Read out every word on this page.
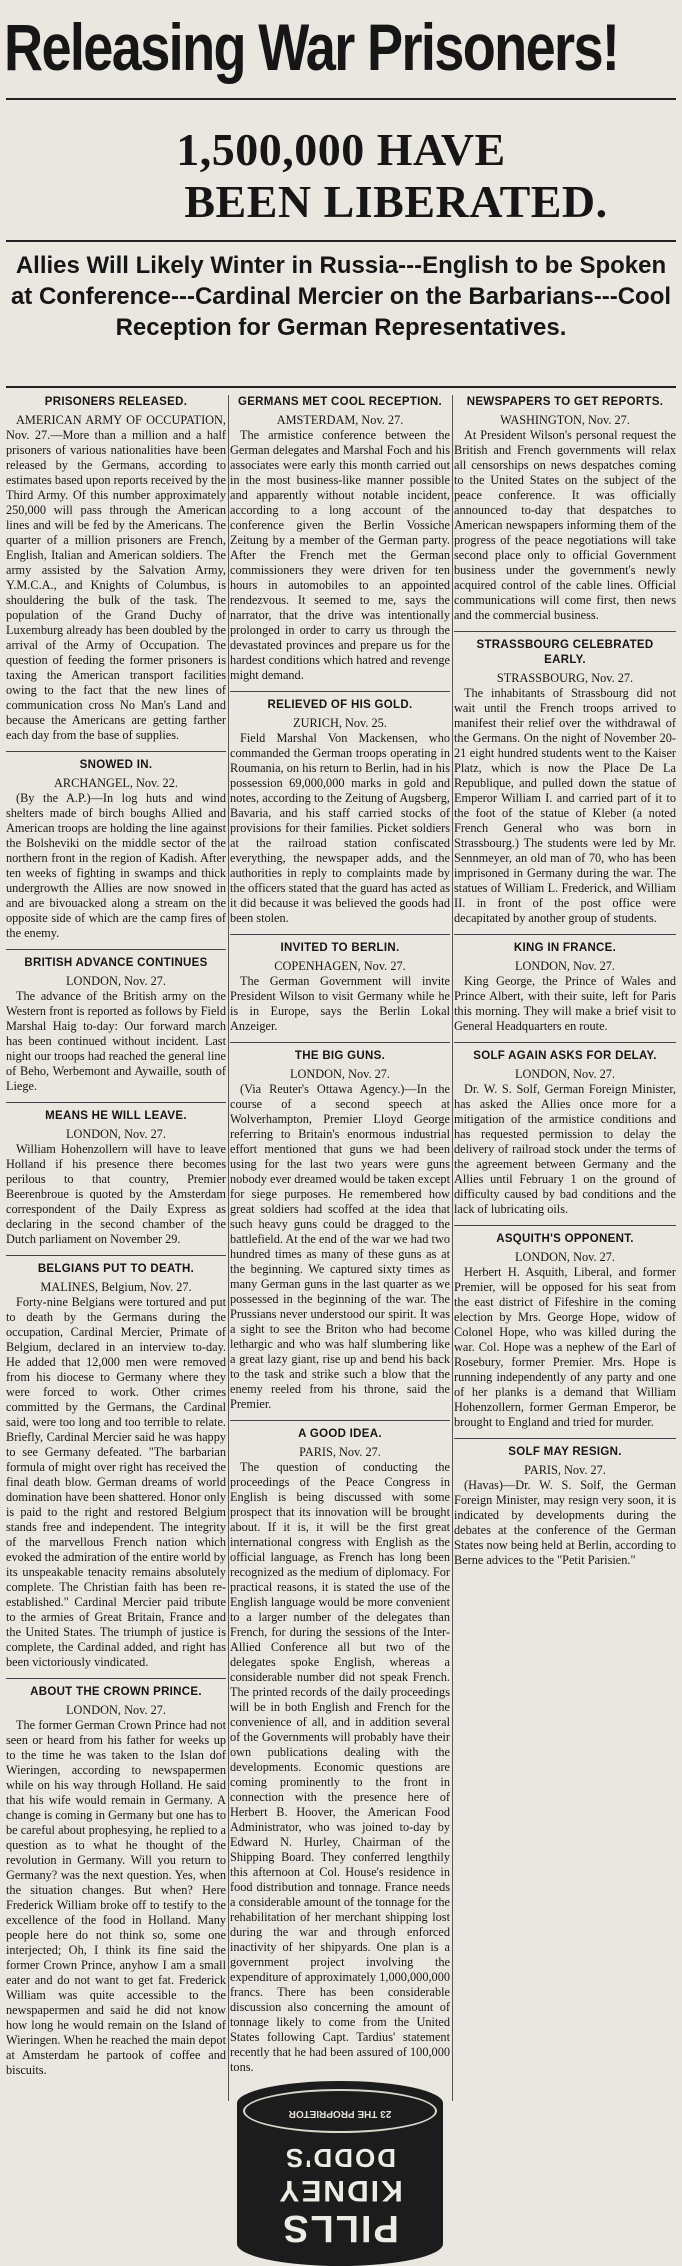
Releasing War Prisoners!
1,500,000 HAVE
BEEN LIBERATED.
Allies Will Likely Winter in Russia---English to be Spoken at Conference---Cardinal Mercier on the Barbarians---Cool Reception for German Representatives.
PRISONERS RELEASED.

AMERICAN ARMY OF OCCUPATION, Nov. 27.—More than a million and a half prisoners of various nationalities have been released by the Germans, according to estimates based upon reports received by the Third Army. Of this number approximately 250,000 will pass through the American lines and will be fed by the Americans. The quarter of a million prisoners are French, English, Italian and American soldiers. The army assisted by the Salvation Army, Y.M.C.A., and Knights of Columbus, is shouldering the bulk of the task. The population of the Grand Duchy of Luxemburg already has been doubled by the arrival of the Army of Occupation. The question of feeding the former prisoners is taxing the American transport facilities owing to the fact that the new lines of communication cross No Man's Land and because the Americans are getting farther each day from the base of supplies.

SNOWED IN.
ARCHANGEL, Nov. 22.

(By the A.P.)—In log huts and wind shelters made of birch boughs Allied and American troops are holding the line against the Bolsheviki on the middle sector of the northern front in the region of Kadish. After ten weeks of fighting in swamps and thick undergrowth the Allies are now snowed in and are bivouacked along a stream on the opposite side of which are the camp fires of the enemy.

BRITISH ADVANCE CONTINUES
LONDON, Nov. 27.

The advance of the British army on the Western front is reported as follows by Field Marshal Haig to-day: Our forward march has been continued without incident. Last night our troops had reached the general line of Beho, Werbemont and Aywaille, south of Liege.

MEANS HE WILL LEAVE.
LONDON, Nov. 27.

William Hohenzollern will have to leave Holland if his presence there becomes perilous to that country, Premier Beerenbroue is quoted by the Amsterdam correspondent of the Daily Express as declaring in the second chamber of the Dutch parliament on November 29.

BELGIANS PUT TO DEATH.
MALINES, Belgium, Nov. 27.

Forty-nine Belgians were tortured and put to death by the Germans during the occupation, Cardinal Mercier, Primate of Belgium, declared in an interview to-day. He added that 12,000 men were removed from his diocese to Germany where they were forced to work. Other crimes committed by the Germans, the Cardinal said, were too long and too terrible to relate. Briefly, Cardinal Mercier said he was happy to see Germany defeated. "The barbarian formula of might over right has received the final death blow. German dreams of world domination have been shattered. Honor only is paid to the right and restored Belgium stands free and independent. The integrity of the marvellous French nation which evoked the admiration of the entire world by its unspeakable tenacity remains absolutely complete. The Christian faith has been re-established." Cardinal Mercier paid tribute to the armies of Great Britain, France and the United States. The triumph of justice is complete, the Cardinal added, and right has been victoriously vindicated.

ABOUT THE CROWN PRINCE.
LONDON, Nov. 27.

The former German Crown Prince had not seen or heard from his father for weeks up to the time he was taken to the Islan dof Wieringen, according to newspapermen while on his way through Holland. He said that his wife would remain in Germany. A change is coming in Germany but one has to be careful about prophesying, he replied to a question as to what he thought of the revolution in Germany. Will you return to Germany? was the next question. Yes, when the situation changes. But when? Here Frederick William broke off to testify to the excellence of the food in Holland. Many people here do not think so, some one interjected; Oh, I think its fine said the former Crown Prince, anyhow I am a small eater and do not want to get fat. Frederick William was quite accessible to the newspapermen and said he did not know how long he would remain on the Island of Wieringen. When he reached the main depot at Amsterdam he partook of coffee and biscuits.

GERMANS MET COOL RECEPTION.
AMSTERDAM, Nov. 27.

The armistice conference between the German delegates and Marshal Foch and his associates were early this month carried out in the most business-like manner possible and apparently without notable incident, according to a long account of the conference given the Berlin Vossiche Zeitung by a member of the German party. After the French met the German commissioners they were driven for ten hours in automobiles to an appointed rendezvous. It seemed to me, says the narrator, that the drive was intentionally prolonged in order to carry us through the devastated provinces and prepare us for the hardest conditions which hatred and revenge might demand.

RELIEVED OF HIS GOLD.
ZURICH, Nov. 25.

Field Marshal Von Mackensen, who commanded the German troops operating in Roumania, on his return to Berlin, had in his possession 69,000,000 marks in gold and notes, according to the Zeitung of Augsberg, Bavaria, and his staff carried stocks of provisions for their families. Picket soldiers at the railroad station confiscated everything, the newspaper adds, and the authorities in reply to complaints made by the officers stated that the guard has acted as it did because it was believed the goods had been stolen.

INVITED TO BERLIN.
COPENHAGEN, Nov. 27.

The German Government will invite President Wilson to visit Germany while he is in Europe, says the Berlin Lokal Anzeiger.

THE BIG GUNS.
LONDON, Nov. 27.

(Via Reuter's Ottawa Agency.)—In the course of a second speech at Wolverhampton, Premier Lloyd George referring to Britain's enormous industrial effort mentioned that guns we had been using for the last two years were guns nobody ever dreamed would be taken except for siege purposes. He remembered how great soldiers had scoffed at the idea that such heavy guns could be dragged to the battlefield. At the end of the war we had two hundred times as many of these guns as at the beginning. We captured sixty times as many German guns in the last quarter as we possessed in the beginning of the war. The Prussians never understood our spirit. It was a sight to see the Briton who had become lethargic and who was half slumbering like a great lazy giant, rise up and bend his back to the task and strike such a blow that the enemy reeled from his throne, said the Premier.

A GOOD IDEA.
PARIS, Nov. 27.

The question of conducting the proceedings of the Peace Congress in English is being discussed with some prospect that its innovation will be brought about. If it is, it will be the first great international congress with English as the official language, as French has long been recognized as the medium of diplomacy. For practical reasons, it is stated the use of the English language would be more convenient to a larger number of the delegates than French, for during the sessions of the Inter-Allied Conference all but two of the delegates spoke English, whereas a considerable number did not speak French. The printed records of the daily proceedings will be in both English and French for the convenience of all, and in addition several of the Governments will probably have their own publications dealing with the developments. Economic questions are coming prominently to the front in connection with the presence here of Herbert B. Hoover, the American Food Administrator, who was joined to-day by Edward N. Hurley, Chairman of the Shipping Board. They conferred lengthily this afternoon at Col. House's residence in food distribution and tonnage. France needs a considerable amount of the tonnage for the rehabilitation of her merchant shipping lost during the war and through enforced inactivity of her shipyards. One plan is a government project involving the expenditure of approximately 1,000,000,000 francs. There has been considerable discussion also concerning the amount of tonnage likely to come from the United States following Capt. Tardius' statement recently that he had been assured of 100,000 tons.

23 THE PROPRIETOR
PILLS
KIDNEY
DODD'S
NEWSPAPERS TO GET REPORTS.
WASHINGTON, Nov. 27.

At President Wilson's personal request the British and French governments will relax all censorships on news despatches coming to the United States on the subject of the peace conference. It was officially announced to-day that despatches to American newspapers informing them of the progress of the peace negotiations will take second place only to official Government business under the government's newly acquired control of the cable lines. Official communications will come first, then news and the commercial business.

STRASSBOURG CELEBRATED EARLY.
STRASSBOURG, Nov. 27.

The inhabitants of Strassbourg did not wait until the French troops arrived to manifest their relief over the withdrawal of the Germans. On the night of November 20-21 eight hundred students went to the Kaiser Platz, which is now the Place De La Republique, and pulled down the statue of Emperor William I. and carried part of it to the foot of the statue of Kleber (a noted French General who was born in Strassbourg.) The students were led by Mr. Sennmeyer, an old man of 70, who has been imprisoned in Germany during the war. The statues of William L. Frederick, and William II. in front of the post office were decapitated by another group of students.

KING IN FRANCE.
LONDON, Nov. 27.

King George, the Prince of Wales and Prince Albert, with their suite, left for Paris this morning. They will make a brief visit to General Headquarters en route.

SOLF AGAIN ASKS FOR DELAY.
LONDON, Nov. 27.

Dr. W. S. Solf, German Foreign Minister, has asked the Allies once more for a mitigation of the armistice conditions and has requested permission to delay the delivery of railroad stock under the terms of the agreement between Germany and the Allies until February 1 on the ground of difficulty caused by bad conditions and the lack of lubricating oils.

ASQUITH'S OPPONENT.
LONDON, Nov. 27.

Herbert H. Asquith, Liberal, and former Premier, will be opposed for his seat from the east district of Fifeshire in the coming election by Mrs. George Hope, widow of Colonel Hope, who was killed during the war. Col. Hope was a nephew of the Earl of Rosebury, former Premier. Mrs. Hope is running independently of any party and one of her planks is a demand that William Hohenzollern, former German Emperor, be brought to England and tried for murder.

SOLF MAY RESIGN.
PARIS, Nov. 27.

(Havas)—Dr. W. S. Solf, the German Foreign Minister, may resign very soon, it is indicated by developments during the debates at the conference of the German States now being held at Berlin, according to Berne advices to the "Petit Parisien."
